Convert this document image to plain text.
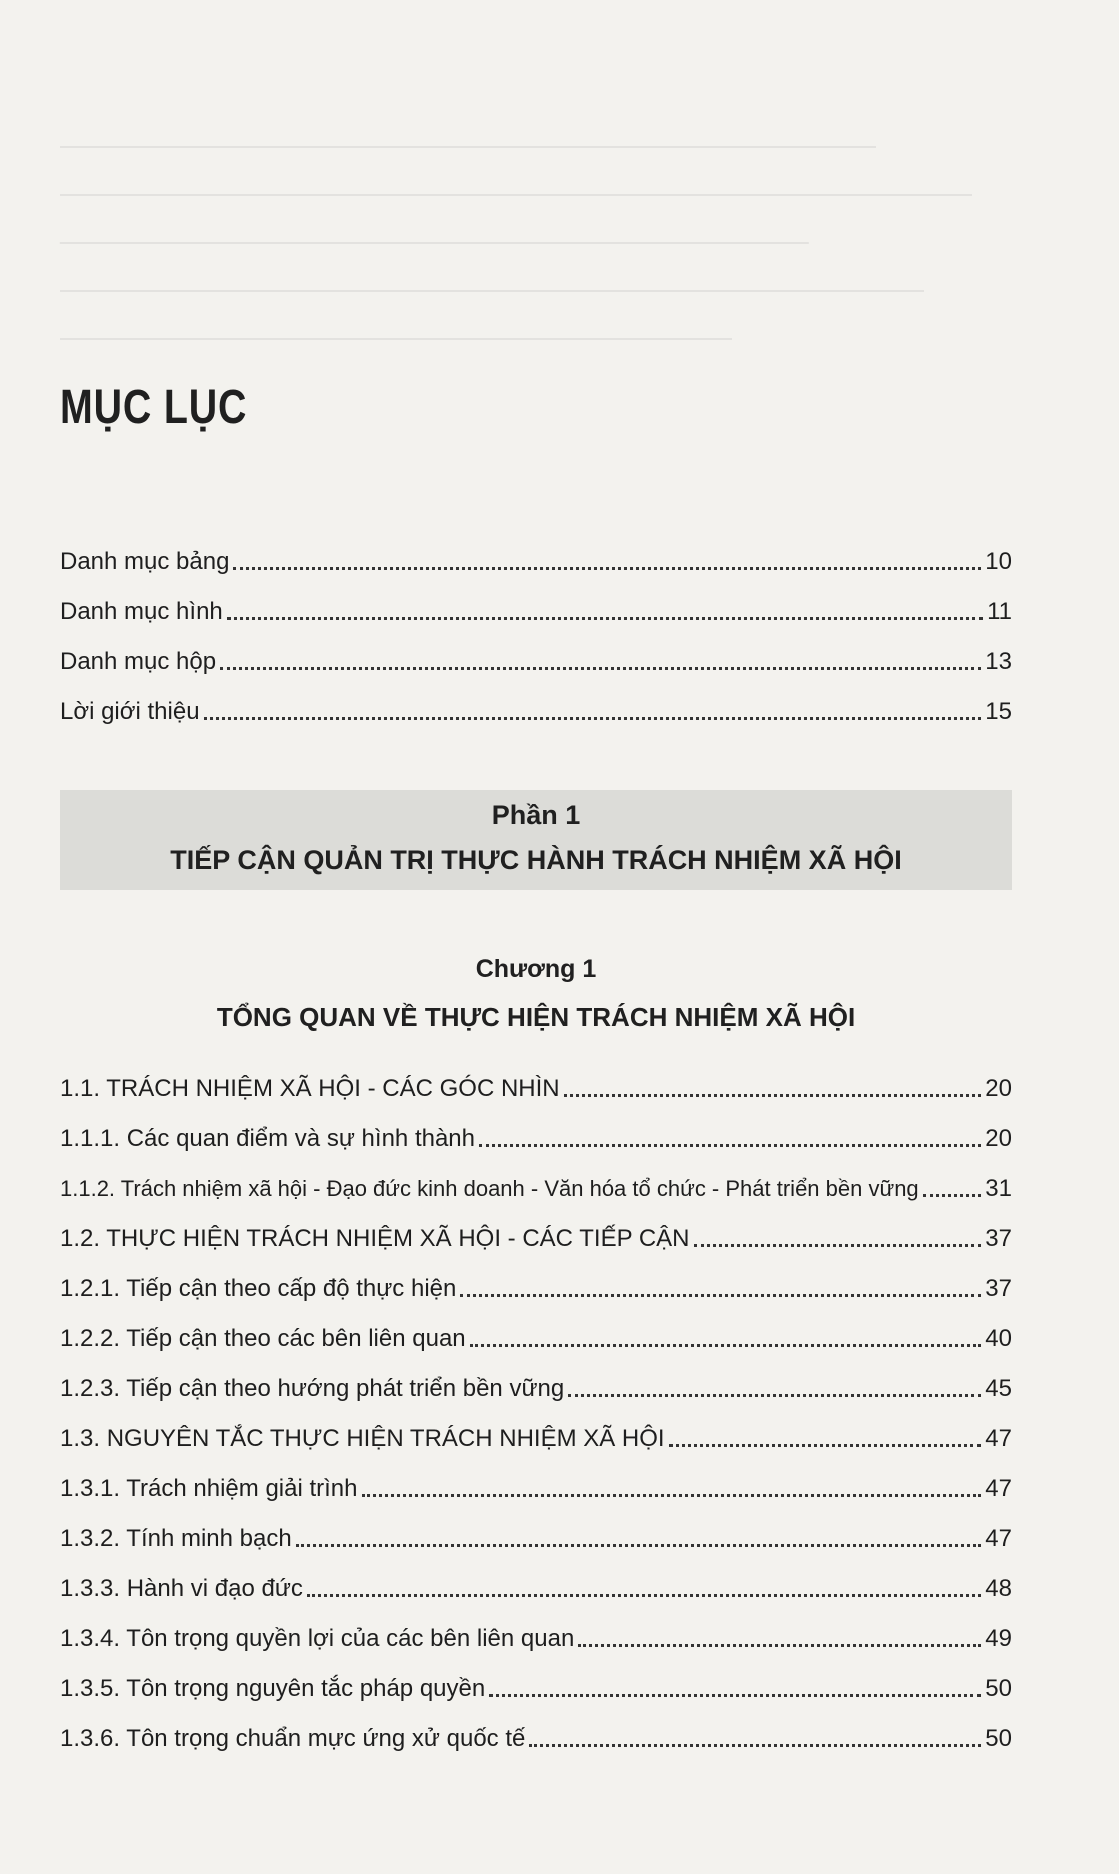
MỤC LỤC
Danh mục bảng	10
Danh mục hình	11
Danh mục hộp	13
Lời giới thiệu	15
Phần 1
TIẾP CẬN QUẢN TRỊ THỰC HÀNH TRÁCH NHIỆM XÃ HỘI
Chương 1
TỔNG QUAN VỀ THỰC HIỆN TRÁCH NHIỆM XÃ HỘI
1.1. TRÁCH NHIỆM XÃ HỘI - CÁC GÓC NHÌN	20
1.1.1. Các quan điểm và sự hình thành	20
1.1.2. Trách nhiệm xã hội - Đạo đức kinh doanh - Văn hóa tổ chức - Phát triển bền vững	31
1.2. THỰC HIỆN TRÁCH NHIỆM XÃ HỘI - CÁC TIẾP CẬN	37
1.2.1. Tiếp cận theo cấp độ thực hiện	37
1.2.2. Tiếp cận theo các bên liên quan	40
1.2.3. Tiếp cận theo hướng phát triển bền vững	45
1.3. NGUYÊN TẮC THỰC HIỆN TRÁCH NHIỆM XÃ HỘI	47
1.3.1. Trách nhiệm giải trình	47
1.3.2. Tính minh bạch	47
1.3.3. Hành vi đạo đức	48
1.3.4. Tôn trọng quyền lợi của các bên liên quan	49
1.3.5. Tôn trọng nguyên tắc pháp quyền	50
1.3.6. Tôn trọng chuẩn mực ứng xử quốc tế	50
